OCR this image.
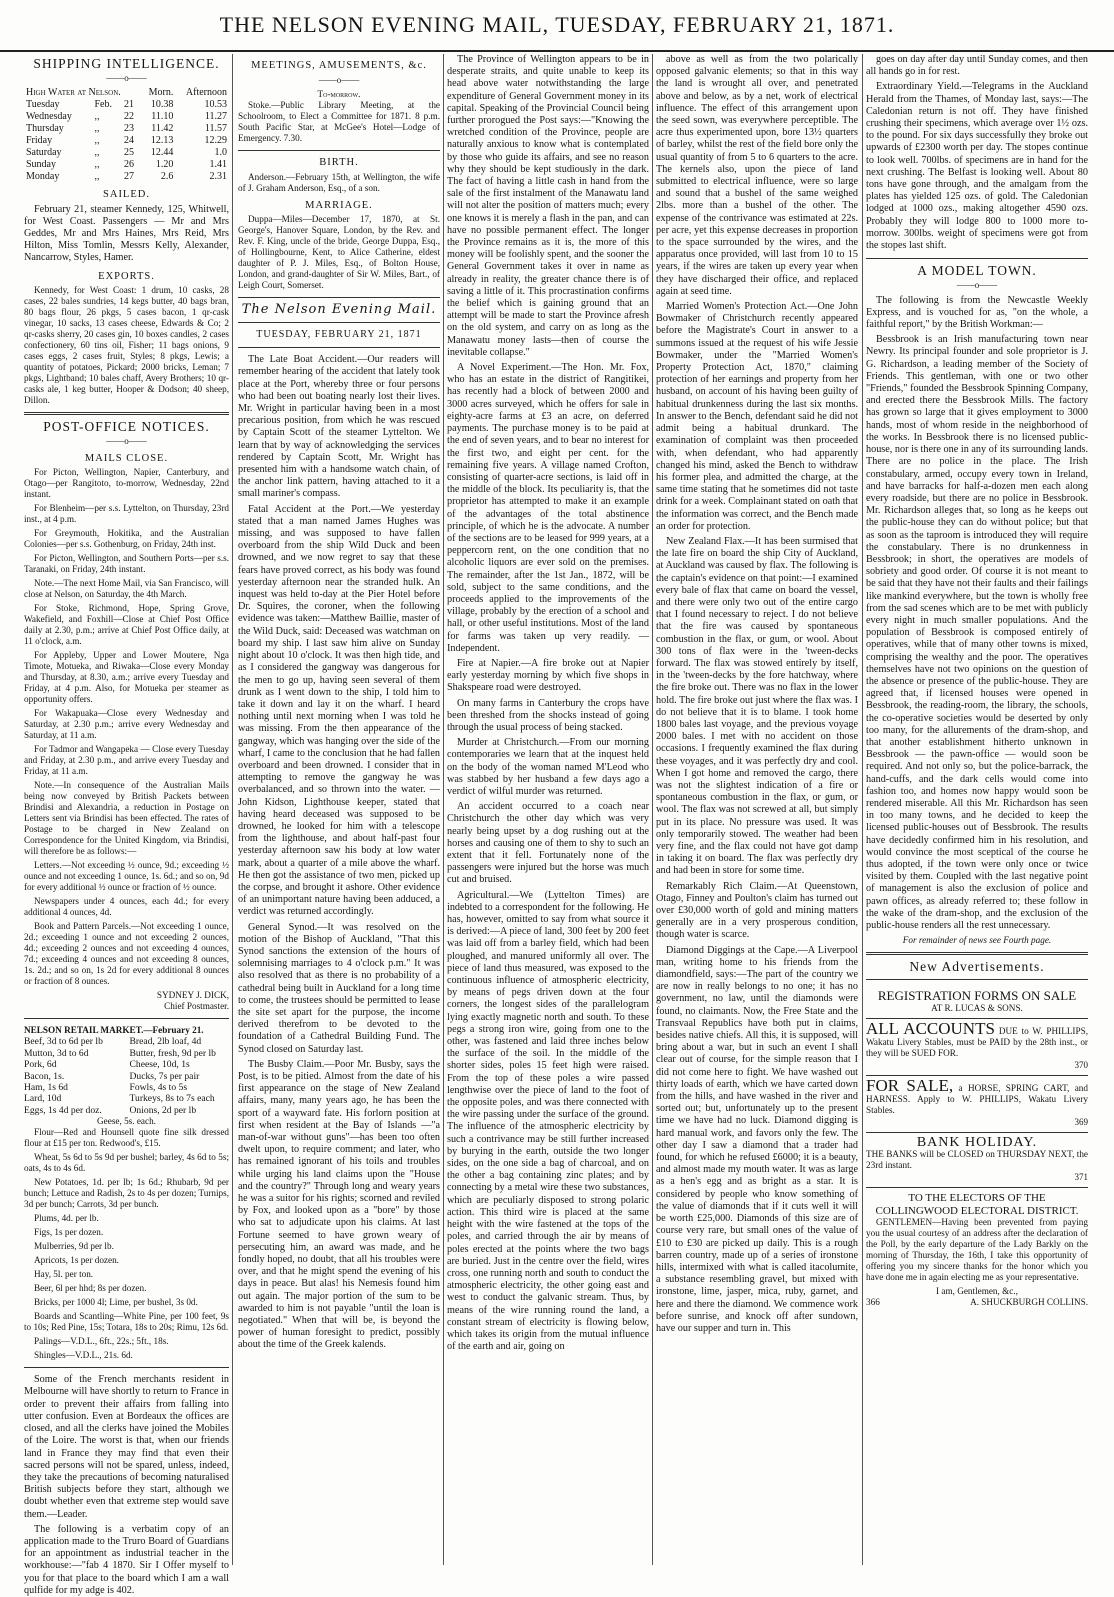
THE NELSON EVENING MAIL, TUESDAY, FEBRUARY 21, 1871.
SHIPPING INTELLIGENCE.
——o——
High Water at Nelson.			Morn.	Afternoon
Tuesday	Feb.	21	10.38	10.53
Wednesday	,,	22	11.10	11.27
Thursday	,,	23	11.42	11.57
Friday	,,	24	12.13	12.29
Saturday	,,	25	12.44	1.0
Sunday	,,	26	1.20	1.41
Monday	,,	27	2.6	2.31
SAILED.

February 21, steamer Kennedy, 125, Whitwell, for West Coast. Passengers — Mr and Mrs Geddes, Mr and Mrs Haines, Mrs Reid, Mrs Hilton, Miss Tomlin, Messrs Kelly, Alexander, Nancarrow, Styles, Hamer.

EXPORTS.

Kennedy, for West Coast: 1 drum, 10 casks, 28 cases, 22 bales sundries, 14 kegs butter, 40 bags bran, 80 bags flour, 26 pkgs, 5 cases bacon, 1 qr-cask vinegar, 10 sacks, 13 cases cheese, Edwards & Co; 2 qr-casks sherry, 20 cases gin, 10 boxes candles, 2 cases confectionery, 60 tins oil, Fisher; 11 bags onions, 9 cases eggs, 2 cases fruit, Styles; 8 pkgs, Lewis; a quantity of potatoes, Pickard; 2000 bricks, Leman; 7 pkgs, Lightband; 10 bales chaff, Avery Brothers; 10 qr-casks ale, 1 keg butter, Hooper & Dodson; 40 sheep, Dillon.

POST-OFFICE NOTICES.
——o——
MAILS CLOSE.

For Picton, Wellington, Napier, Canterbury, and Otago—per Rangitoto, to-morrow, Wednesday, 22nd instant.

For Blenheim—per s.s. Lyttelton, on Thursday, 23rd inst., at 4 p.m.

For Greymouth, Hokitika, and the Australian Colonies—per s.s. Gothenburg, on Friday, 24th inst.

For Picton, Wellington, and Southern Ports—per s.s. Taranaki, on Friday, 24th instant.

Note.—The next Home Mail, via San Francisco, will close at Nelson, on Saturday, the 4th March.

For Stoke, Richmond, Hope, Spring Grove, Wakefield, and Foxhill—Close at Chief Post Office daily at 2.30, p.m.; arrive at Chief Post Office daily, at 11 o'clock, a.m.

For Appleby, Upper and Lower Moutere, Nga Timote, Motueka, and Riwaka—Close every Monday and Thursday, at 8.30, a.m.; arrive every Tuesday and Friday, at 4 p.m. Also, for Motueka per steamer as opportunity offers.

For Wakapuaka—Close every Wednesday and Saturday, at 2.30 p.m.; arrive every Wednesday and Saturday, at 11 a.m.

For Tadmor and Wangapeka — Close every Tuesday and Friday, at 2.30 p.m., and arrive every Tuesday and Friday, at 11 a.m.

Note.—In consequence of the Australian Mails being now conveyed by British Packets between Brindisi and Alexandria, a reduction in Postage on Letters sent via Brindisi has been effected. The rates of Postage to be charged in New Zealand on Correspondence for the United Kingdom, via Brindisi, will therefore be as follows:—

Letters.—Not exceeding ½ ounce, 9d.; exceeding ½ ounce and not exceeding 1 ounce, 1s. 6d.; and so on, 9d for every additional ½ ounce or fraction of ½ ounce.

Newspapers under 4 ounces, each 4d.; for every additional 4 ounces, 4d.

Book and Pattern Parcels.—Not exceeding 1 ounce, 2d.; exceeding 1 ounce and not exceeding 2 ounces, 4d.; exceeding 2 ounces and not exceeding 4 ounces, 7d.; exceeding 4 ounces and not exceeding 8 ounces, 1s. 2d.; and so on, 1s 2d for every additional 8 ounces or fraction of 8 ounces.

SYDNEY J. DICK,
Chief Postmaster.
NELSON RETAIL MARKET.—February 21.
Beef, 3d to 6d per lb
Mutton, 3d to 6d
Pork, 6d
Bacon, 1s.
Ham, 1s 6d
Lard, 10d
Eggs, 1s 4d per doz.
Bread, 2lb loaf, 4d
Butter, fresh, 9d per lb
Cheese, 10d, 1s
Ducks, 7s per pair
Fowls, 4s to 5s
Turkeys, 8s to 7s each
Onions, 2d per lb
Geese, 5s. each.

Flour—Red and Hounsell quote fine silk dressed flour at £15 per ton. Redwood's, £15.

Wheat, 5s 6d to 5s 9d per bushel; barley, 4s 6d to 5s; oats, 4s to 4s 6d.

New Potatoes, 1d. per lb; 1s 6d.; Rhubarb, 9d per bunch; Lettuce and Radish, 2s to 4s per dozen; Turnips, 3d per bunch; Carrots, 3d per bunch.

Plums, 4d. per lb.

Figs, 1s per dozen.

Mulberries, 9d per lb.

Apricots, 1s per dozen.

Hay, 5l. per ton.

Beer, 6l per hhd; 8s per dozen.

Bricks, per 1000 4l; Lime, per bushel, 3s 0d.

Boards and Scantling—White Pine, per 100 feet, 9s to 10s; Red Pine, 15s; Totara, 18s to 20s; Rimu, 12s 6d.

Palings—V.D.L., 6ft., 22s.; 5ft., 18s.

Shingles—V.D.L., 21s. 6d.

Some of the French merchants resident in Melbourne will have shortly to return to France in order to prevent their affairs from falling into utter confusion. Even at Bordeaux the offices are closed, and all the clerks have joined the Mobiles of the Loire. The worst is that, when our friends land in France they may find that even their sacred persons will not be spared, unless, indeed, they take the precautions of becoming naturalised British subjects before they start, although we doubt whether even that extreme step would save them.—Leader.

The following is a verbatim copy of an application made to the Truro Board of Guardians for an appointment as industrial teacher in the workhouse:—"fab 4 1870. Sir I Offer myself to you for that place to the board which I am a wall qulfide for my adge is 402.

MEETINGS, AMUSEMENTS, &c.
——o——
To-morrow.

Stoke.—Public Library Meeting, at the Schoolroom, to Elect a Committee for 1871. 8 p.m. South Pacific Star, at McGee's Hotel—Lodge of Emergency. 7.30.

BIRTH.

Anderson.—February 15th, at Wellington, the wife of J. Graham Anderson, Esq., of a son.

MARRIAGE.

Duppa—Miles—December 17, 1870, at St. George's, Hanover Square, London, by the Rev. and Rev. F. King, uncle of the bride, George Duppa, Esq., of Hollingbourne, Kent, to Alice Catherine, eldest daughter of P. J. Miles, Esq., of Bolton House, London, and grand-daughter of Sir W. Miles, Bart., of Leigh Court, Somerset.

The Nelson Evening Mail.
TUESDAY, FEBRUARY 21, 1871

The Late Boat Accident.—Our readers will remember hearing of the accident that lately took place at the Port, whereby three or four persons who had been out boating nearly lost their lives. Mr. Wright in particular having been in a most precarious position, from which he was rescued by Captain Scott of the steamer Lyttelton. We learn that by way of acknowledging the services rendered by Captain Scott, Mr. Wright has presented him with a handsome watch chain, of the anchor link pattern, having attached to it a small mariner's compass.

Fatal Accident at the Port.—We yesterday stated that a man named James Hughes was missing, and was supposed to have fallen overboard from the ship Wild Duck and been drowned, and we now regret to say that these fears have proved correct, as his body was found yesterday afternoon near the stranded hulk. An inquest was held to-day at the Pier Hotel before Dr. Squires, the coroner, when the following evidence was taken:—Matthew Baillie, master of the Wild Duck, said: Deceased was watchman on board my ship. I last saw him alive on Sunday night about 10 o'clock. It was then high tide, and as I considered the gangway was dangerous for the men to go up, having seen several of them drunk as I went down to the ship, I told him to take it down and lay it on the wharf. I heard nothing until next morning when I was told he was missing. From the then appearance of the gangway, which was hanging over the side of the wharf, I came to the conclusion that he had fallen overboard and been drowned. I consider that in attempting to remove the gangway he was overbalanced, and so thrown into the water. —John Kidson, Lighthouse keeper, stated that having heard deceased was supposed to be drowned, he looked for him with a telescope from the lighthouse, and about half-past four yesterday afternoon saw his body at low water mark, about a quarter of a mile above the wharf. He then got the assistance of two men, picked up the corpse, and brought it ashore. Other evidence of an unimportant nature having been adduced, a verdict was returned accordingly.

General Synod.—It was resolved on the motion of the Bishop of Auckland, "That this Synod sanctions the extension of the hours of solemnising marriages to 4 o'clock p.m." It was also resolved that as there is no probability of a cathedral being built in Auckland for a long time to come, the trustees should be permitted to lease the site set apart for the purpose, the income derived therefrom to be devoted to the foundation of a Cathedral Building Fund. The Synod closed on Saturday last.

The Busby Claim.—Poor Mr. Busby, says the Post, is to be pitied. Almost from the date of his first appearance on the stage of New Zealand affairs, many, many years ago, he has been the sport of a wayward fate. His forlorn position at first when resident at the Bay of Islands —"a man-of-war without guns"—has been too often dwelt upon, to require comment; and later, who has remained ignorant of his toils and troubles while urging his land claims upon the "House and the country?" Through long and weary years he was a suitor for his rights; scorned and reviled by Fox, and looked upon as a "bore" by those who sat to adjudicate upon his claims. At last Fortune seemed to have grown weary of persecuting him, an award was made, and he fondly hoped, no doubt, that all his troubles were over, and that he might spend the evening of his days in peace. But alas! his Nemesis found him out again. The major portion of the sum to be awarded to him is not payable "until the loan is negotiated." When that will be, is beyond the power of human foresight to predict, possibly about the time of the Greek kalends.

The Province of Wellington appears to be in desperate straits, and quite unable to keep its head above water notwithstanding the large expenditure of General Government money in its capital. Speaking of the Provincial Council being further prorogued the Post says:—"Knowing the wretched condition of the Province, people are naturally anxious to know what is contemplated by those who guide its affairs, and see no reason why they should be kept studiously in the dark. The fact of having a little cash in hand from the sale of the first instalment of the Manawatu land will not alter the position of matters much; every one knows it is merely a flash in the pan, and can have no possible permanent effect. The longer the Province remains as it is, the more of this money will be foolishly spent, and the sooner the General Government takes it over in name as already in reality, the greater chance there is of saving a little of it. This procrastination confirms the belief which is gaining ground that an attempt will be made to start the Province afresh on the old system, and carry on as long as the Manawatu money lasts—then of course the inevitable collapse."

A Novel Experiment.—The Hon. Mr. Fox, who has an estate in the district of Rangitikei, has recently had a block of between 2000 and 3000 acres surveyed, which he offers for sale in eighty-acre farms at £3 an acre, on deferred payments. The purchase money is to be paid at the end of seven years, and to bear no interest for the first two, and eight per cent. for the remaining five years. A village named Crofton, consisting of quarter-acre sections, is laid off in the middle of the block. Its peculiarity is, that the proprietor has attempted to make it an example of the advantages of the total abstinence principle, of which he is the advocate. A number of the sections are to be leased for 999 years, at a peppercorn rent, on the one condition that no alcoholic liquors are ever sold on the premises. The remainder, after the 1st Jan., 1872, will be sold, subject to the same conditions, and the proceeds applied to the improvements of the village, probably by the erection of a school and hall, or other useful institutions. Most of the land for farms was taken up very readily. —Independent.

Fire at Napier.—A fire broke out at Napier early yesterday morning by which five shops in Shakspeare road were destroyed.

On many farms in Canterbury the crops have been threshed from the shocks instead of going through the usual process of being stacked.

Murder at Christchurch.—From our morning contemporaries we learn that at the inquest held on the body of the woman named M'Leod who was stabbed by her husband a few days ago a verdict of wilful murder was returned.

An accident occurred to a coach near Christchurch the other day which was very nearly being upset by a dog rushing out at the horses and causing one of them to shy to such an extent that it fell. Fortunately none of the passengers were injured but the horse was much cut and bruised.

Agricultural.—We (Lyttelton Times) are indebted to a correspondent for the following. He has, however, omitted to say from what source it is derived:—A piece of land, 300 feet by 200 feet was laid off from a barley field, which had been ploughed, and manured uniformly all over. The piece of land thus measured, was exposed to the continuous influence of atmospheric electricity, by means of pegs driven down at the four corners, the longest sides of the parallelogram lying exactly magnetic north and south. To these pegs a strong iron wire, going from one to the other, was fastened and laid three inches below the surface of the soil. In the middle of the shorter sides, poles 15 feet high were raised. From the top of these poles a wire passed lengthwise over the piece of land to the foot of the opposite poles, and was there connected with the wire passing under the surface of the ground. The influence of the atmospheric electricity by such a contrivance may be still further increased by burying in the earth, outside the two longer sides, on the one side a bag of charcoal, and on the other a bag containing zinc plates; and by connecting by a metal wire these two substances, which are peculiarly disposed to strong polaric action. This third wire is placed at the same height with the wire fastened at the tops of the poles, and carried through the air by means of poles erected at the points where the two bags are buried. Just in the centre over the field, wires cross, one running north and south to conduct the atmospheric electricity, the other going east and west to conduct the galvanic stream. Thus, by means of the wire running round the land, a constant stream of electricity is flowing below, which takes its origin from the mutual influence of the earth and air, going on

above as well as from the two polarically opposed galvanic elements; so that in this way the land is wrought all over, and penetrated above and below, as by a net, work of electrical influence. The effect of this arrangement upon the seed sown, was everywhere perceptible. The acre thus experimented upon, bore 13½ quarters of barley, whilst the rest of the field bore only the usual quantity of from 5 to 6 quarters to the acre. The kernels also, upon the piece of land submitted to electrical influence, were so large and sound that a bushel of the same weighed 2lbs. more than a bushel of the other. The expense of the contrivance was estimated at 22s. per acre, yet this expense decreases in proportion to the space surrounded by the wires, and the apparatus once provided, will last from 10 to 15 years, if the wires are taken up every year when they have discharged their office, and replaced again at seed time.

Married Women's Protection Act.—One John Bowmaker of Christchurch recently appeared before the Magistrate's Court in answer to a summons issued at the request of his wife Jessie Bowmaker, under the "Married Women's Property Protection Act, 1870," claiming protection of her earnings and property from her husband, on account of his having been guilty of habitual drunkenness during the last six months. In answer to the Bench, defendant said he did not admit being a habitual drunkard. The examination of complaint was then proceeded with, when defendant, who had apparently changed his mind, asked the Bench to withdraw his former plea, and admitted the charge, at the same time stating that he sometimes did not taste drink for a week. Complainant stated on oath that the information was correct, and the Bench made an order for protection.

New Zealand Flax.—It has been surmised that the late fire on board the ship City of Auckland, at Auckland was caused by flax. The following is the captain's evidence on that point:—I examined every bale of flax that came on board the vessel, and there were only two out of the entire cargo that I found necessary to reject. I do not believe that the fire was caused by spontaneous combustion in the flax, or gum, or wool. About 300 tons of flax were in the 'tween-decks forward. The flax was stowed entirely by itself, in the 'tween-decks by the fore hatchway, where the fire broke out. There was no flax in the lower hold. The fire broke out just where the flax was. I do not believe that it is to blame. I took home 1800 bales last voyage, and the previous voyage 2000 bales. I met with no accident on those occasions. I frequently examined the flax during these voyages, and it was perfectly dry and cool. When I got home and removed the cargo, there was not the slightest indication of a fire or spontaneous combustion in the flax, or gum, or wool. The flax was not screwed at all, but simply put in its place. No pressure was used. It was only temporarily stowed. The weather had been very fine, and the flax could not have got damp in taking it on board. The flax was perfectly dry and had been in store for some time.

Remarkably Rich Claim.—At Queenstown, Otago, Finney and Poulton's claim has turned out over £30,000 worth of gold and mining matters generally are in a very prosperous condition, though water is scarce.

Diamond Diggings at the Cape.—A Liverpool man, writing home to his friends from the diamondfield, says:—The part of the country we are now in really belongs to no one; it has no government, no law, until the diamonds were found, no claimants. Now, the Free State and the Transvaal Republics have both put in claims, besides native chiefs. All this, it is supposed, will bring about a war, but in such an event I shall clear out of course, for the simple reason that I did not come here to fight. We have washed out thirty loads of earth, which we have carted down from the hills, and have washed in the river and sorted out; but, unfortunately up to the present time we have had no luck. Diamond digging is hard manual work, and favors only the few. The other day I saw a diamond that a trader had found, for which he refused £6000; it is a beauty, and almost made my mouth water. It was as large as a hen's egg and as bright as a star. It is considered by people who know something of the value of diamonds that if it cuts well it will be worth £25,000. Diamonds of this size are of course very rare, but small ones of the value of £10 to £30 are picked up daily. This is a rough barren country, made up of a series of ironstone hills, intermixed with what is called itacolumite, a substance resembling gravel, but mixed with ironstone, lime, jasper, mica, ruby, garnet, and here and there the diamond. We commence work before sunrise, and knock off after sundown, have our supper and turn in. This

goes on day after day until Sunday comes, and then all hands go in for rest.

Extraordinary Yield.—Telegrams in the Auckland Herald from the Thames, of Monday last, says:—The Caledonian return is not off. They have finished crushing their specimens, which average over 1½ ozs. to the pound. For six days successfully they broke out upwards of £2300 worth per day. The stopes continue to look well. 700lbs. of specimens are in hand for the next crushing. The Belfast is looking well. About 80 tons have gone through, and the amalgam from the plates has yielded 125 ozs. of gold. The Caledonian lodged at 1000 ozs., making altogether 4590 ozs. Probably they will lodge 800 to 1000 more to-morrow. 300lbs. weight of specimens were got from the stopes last shift.

A MODEL TOWN.
——o——

The following is from the Newcastle Weekly Express, and is vouched for as, "on the whole, a faithful report," by the British Workman:—

Bessbrook is an Irish manufacturing town near Newry. Its principal founder and sole proprietor is J. G. Richardson, a leading member of the Society of Friends. This gentleman, with one or two other "Friends," founded the Bessbrook Spinning Company, and erected there the Bessbrook Mills. The factory has grown so large that it gives employment to 3000 hands, most of whom reside in the neighborhood of the works. In Bessbrook there is no licensed public-house, nor is there one in any of its surrounding lands. There are no police in the place. The Irish constabulary, armed, occupy every town in Ireland, and have barracks for half-a-dozen men each along every roadside, but there are no police in Bessbrook. Mr. Richardson alleges that, so long as he keeps out the public-house they can do without police; but that as soon as the taproom is introduced they will require the constabulary. There is no drunkenness in Bessbrook; in short, the operatives are models of sobriety and good order. Of course it is not meant to be said that they have not their faults and their failings like mankind everywhere, but the town is wholly free from the sad scenes which are to be met with publicly every night in much smaller populations. And the population of Bessbrook is composed entirely of operatives, while that of many other towns is mixed, comprising the wealthy and the poor. The operatives themselves have not two opinions on the question of the absence or presence of the public-house. They are agreed that, if licensed houses were opened in Bessbrook, the reading-room, the library, the schools, the co-operative societies would be deserted by only too many, for the allurements of the dram-shop, and that another establishment hitherto unknown in Bessbrook — the pawn-office — would soon be required. And not only so, but the police-barrack, the hand-cuffs, and the dark cells would come into fashion too, and homes now happy would soon be rendered miserable. All this Mr. Richardson has seen in too many towns, and he decided to keep the licensed public-houses out of Bessbrook. The results have decidedly confirmed him in his resolution, and would convince the most sceptical of the course he thus adopted, if the town were only once or twice visited by them. Coupled with the last negative point of management is also the exclusion of police and pawn offices, as already referred to; these follow in the wake of the dram-shop, and the exclusion of the public-house renders all the rest unnecessary.

For remainder of news see Fourth page.
New Advertisements.
REGISTRATION FORMS ON SALE
AT R. LUCAS & SONS.
ALL ACCOUNTS DUE to W. PHILLIPS, Wakatu Livery Stables, must be PAID by the 28th inst., or they will be SUED FOR.
370
FOR SALE, a HORSE, SPRING CART, and HARNESS. Apply to W. PHILLIPS, Wakatu Livery Stables.
369
BANK HOLIDAY.
THE BANKS will be CLOSED on THURSDAY NEXT, the 23rd instant.
371
TO THE ELECTORS OF THE COLLINGWOOD ELECTORAL DISTRICT.

GENTLEMEN—Having been prevented from paying you the usual courtesy of an address after the declaration of the Poll, by the early departure of the Lady Barkly on the morning of Thursday, the 16th, I take this opportunity of offering you my sincere thanks for the honor which you have done me in again electing me as your representative.

I am, Gentlemen, &c.,
366	A. SHUCKBURGH COLLINS.
